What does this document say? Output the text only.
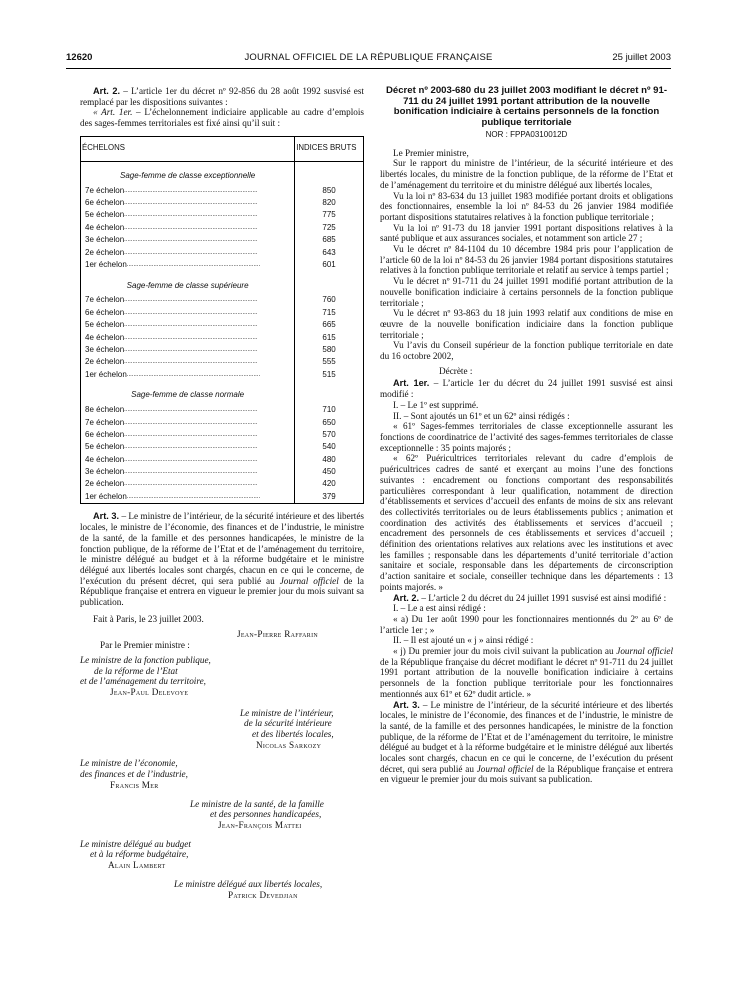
12620	JOURNAL OFFICIEL DE LA RÉPUBLIQUE FRANÇAISE	25 juillet 2003

Art. 2. – L’article 1er du décret nº 92-856 du 28 août 1992 susvisé est remplacé par les dispositions suivantes :

« Art. 1er. – L’échelonnement indiciaire applicable au cadre d’emplois des sages-femmes territoriales est fixé ainsi qu’il suit :

ÉCHELONS	INDICES BRUTS
Sage-femme de classe exceptionnelle	
7e échelon................................................................................	850
6e échelon................................................................................	820
5e échelon................................................................................	775
4e échelon................................................................................	725
3e échelon................................................................................	685
2e échelon................................................................................	643
1er échelon................................................................................	601
Sage-femme de classe supérieure	
7e échelon................................................................................	760
6e échelon................................................................................	715
5e échelon................................................................................	665
4e échelon................................................................................	615
3e échelon................................................................................	580
2e échelon................................................................................	555
1er échelon................................................................................	515
Sage-femme de classe normale	
8e échelon................................................................................	710
7e échelon................................................................................	650
6e échelon................................................................................	570
5e échelon................................................................................	540
4e échelon................................................................................	480
3e échelon................................................................................	450
2e échelon................................................................................	420
1er échelon................................................................................	379

Art. 3. – Le ministre de l’intérieur, de la sécurité intérieure et des libertés locales, le ministre de l’économie, des finances et de l’industrie, le ministre de la santé, de la famille et des personnes handicapées, le ministre de la fonction publique, de la réforme de l’Etat et de l’aménagement du territoire, le ministre délégué au budget et à la réforme budgétaire et le ministre délégué aux libertés locales sont chargés, chacun en ce qui le concerne, de l’exécution du présent décret, qui sera publié au Journal officiel de la République française et entrera en vigueur le premier jour du mois suivant sa publication.

Fait à Paris, le 23 juillet 2003.

Jean-Pierre Raffarin

Par le Premier ministre :

Le ministre de la fonction publique,

de la réforme de l’Etat

et de l’aménagement du territoire,

Jean-Paul Delevoye

Le ministre de l’intérieur,

de la sécurité intérieure

et des libertés locales,

Nicolas Sarkozy

Le ministre de l’économie,

des finances et de l’industrie,

Francis Mer

Le ministre de la santé, de la famille

et des personnes handicapées,

Jean-François Mattei

Le ministre délégué au budget

et à la réforme budgétaire,

Alain Lambert

Le ministre délégué aux libertés locales,

Patrick Devedjian

Décret nº 2003-680 du 23 juillet 2003 modifiant le décret nº 91-711 du 24 juillet 1991 portant attribution de la nouvelle bonification indiciaire à certains personnels de la fonction publique territoriale
NOR : FPPA0310012D

Le Premier ministre,

Sur le rapport du ministre de l’intérieur, de la sécurité intérieure et des libertés locales, du ministre de la fonction publique, de la réforme de l’Etat et de l’aménagement du territoire et du ministre délégué aux libertés locales,

Vu la loi nº 83-634 du 13 juillet 1983 modifiée portant droits et obligations des fonctionnaires, ensemble la loi nº 84-53 du 26 janvier 1984 modifiée portant dispositions statutaires relatives à la fonction publique territoriale ;

Vu la loi nº 91-73 du 18 janvier 1991 portant dispositions relatives à la santé publique et aux assurances sociales, et notamment son article 27 ;

Vu le décret nº 84-1104 du 10 décembre 1984 pris pour l’application de l’article 60 de la loi nº 84-53 du 26 janvier 1984 portant dispositions statutaires relatives à la fonction publique territoriale et relatif au service à temps partiel ;

Vu le décret nº 91-711 du 24 juillet 1991 modifié portant attribution de la nouvelle bonification indiciaire à certains personnels de la fonction publique territoriale ;

Vu le décret nº 93-863 du 18 juin 1993 relatif aux conditions de mise en œuvre de la nouvelle bonification indiciaire dans la fonction publique territoriale ;

Vu l’avis du Conseil supérieur de la fonction publique territoriale en date du 16 octobre 2002,

Décrète :

Art. 1er. – L’article 1er du décret du 24 juillet 1991 susvisé est ainsi modifié :

I. – Le 1º est supprimé.

II. – Sont ajoutés un 61º et un 62º ainsi rédigés :

« 61º Sages-femmes territoriales de classe exceptionnelle assurant les fonctions de coordinatrice de l’activité des sages-femmes territoriales de classe exceptionnelle : 35 points majorés ;

« 62º Puéricultrices territoriales relevant du cadre d’emplois de puéricultrices cadres de santé et exerçant au moins l’une des fonctions suivantes : encadrement ou fonctions comportant des responsabilités particulières correspondant à leur qualification, notamment de direction d’établissements et services d’accueil des enfants de moins de six ans relevant des collectivités territoriales ou de leurs établissements publics ; animation et coordination des activités des établissements et services d’accueil ; encadrement des personnels de ces établissements et services d’accueil ; définition des orientations relatives aux relations avec les institutions et avec les familles ; responsable dans les départements d’unité territoriale d’action sanitaire et sociale, responsable dans les départements de circonscription d’action sanitaire et sociale, conseiller technique dans les départements : 13 points majorés. »

Art. 2. – L’article 2 du décret du 24 juillet 1991 susvisé est ainsi modifié :

I. – Le a est ainsi rédigé :

« a) Du 1er août 1990 pour les fonctionnaires mentionnés du 2º au 6º de l’article 1er ; »

II. – Il est ajouté un « j » ainsi rédigé :

« j) Du premier jour du mois civil suivant la publication au Journal officiel de la République française du décret modifiant le décret nº 91-711 du 24 juillet 1991 portant attribution de la nouvelle bonification indiciaire à certains personnels de la fonction publique territoriale pour les fonctionnaires mentionnés aux 61º et 62º dudit article. »

Art. 3. – Le ministre de l’intérieur, de la sécurité intérieure et des libertés locales, le ministre de l’économie, des finances et de l’industrie, le ministre de la santé, de la famille et des personnes handicapées, le ministre de la fonction publique, de la réforme de l’Etat et de l’aménagement du territoire, le ministre délégué au budget et à la réforme budgétaire et le ministre délégué aux libertés locales sont chargés, chacun en ce qui le concerne, de l’exécution du présent décret, qui sera publié au Journal officiel de la République française et entrera en vigueur le premier jour du mois suivant sa publication.
